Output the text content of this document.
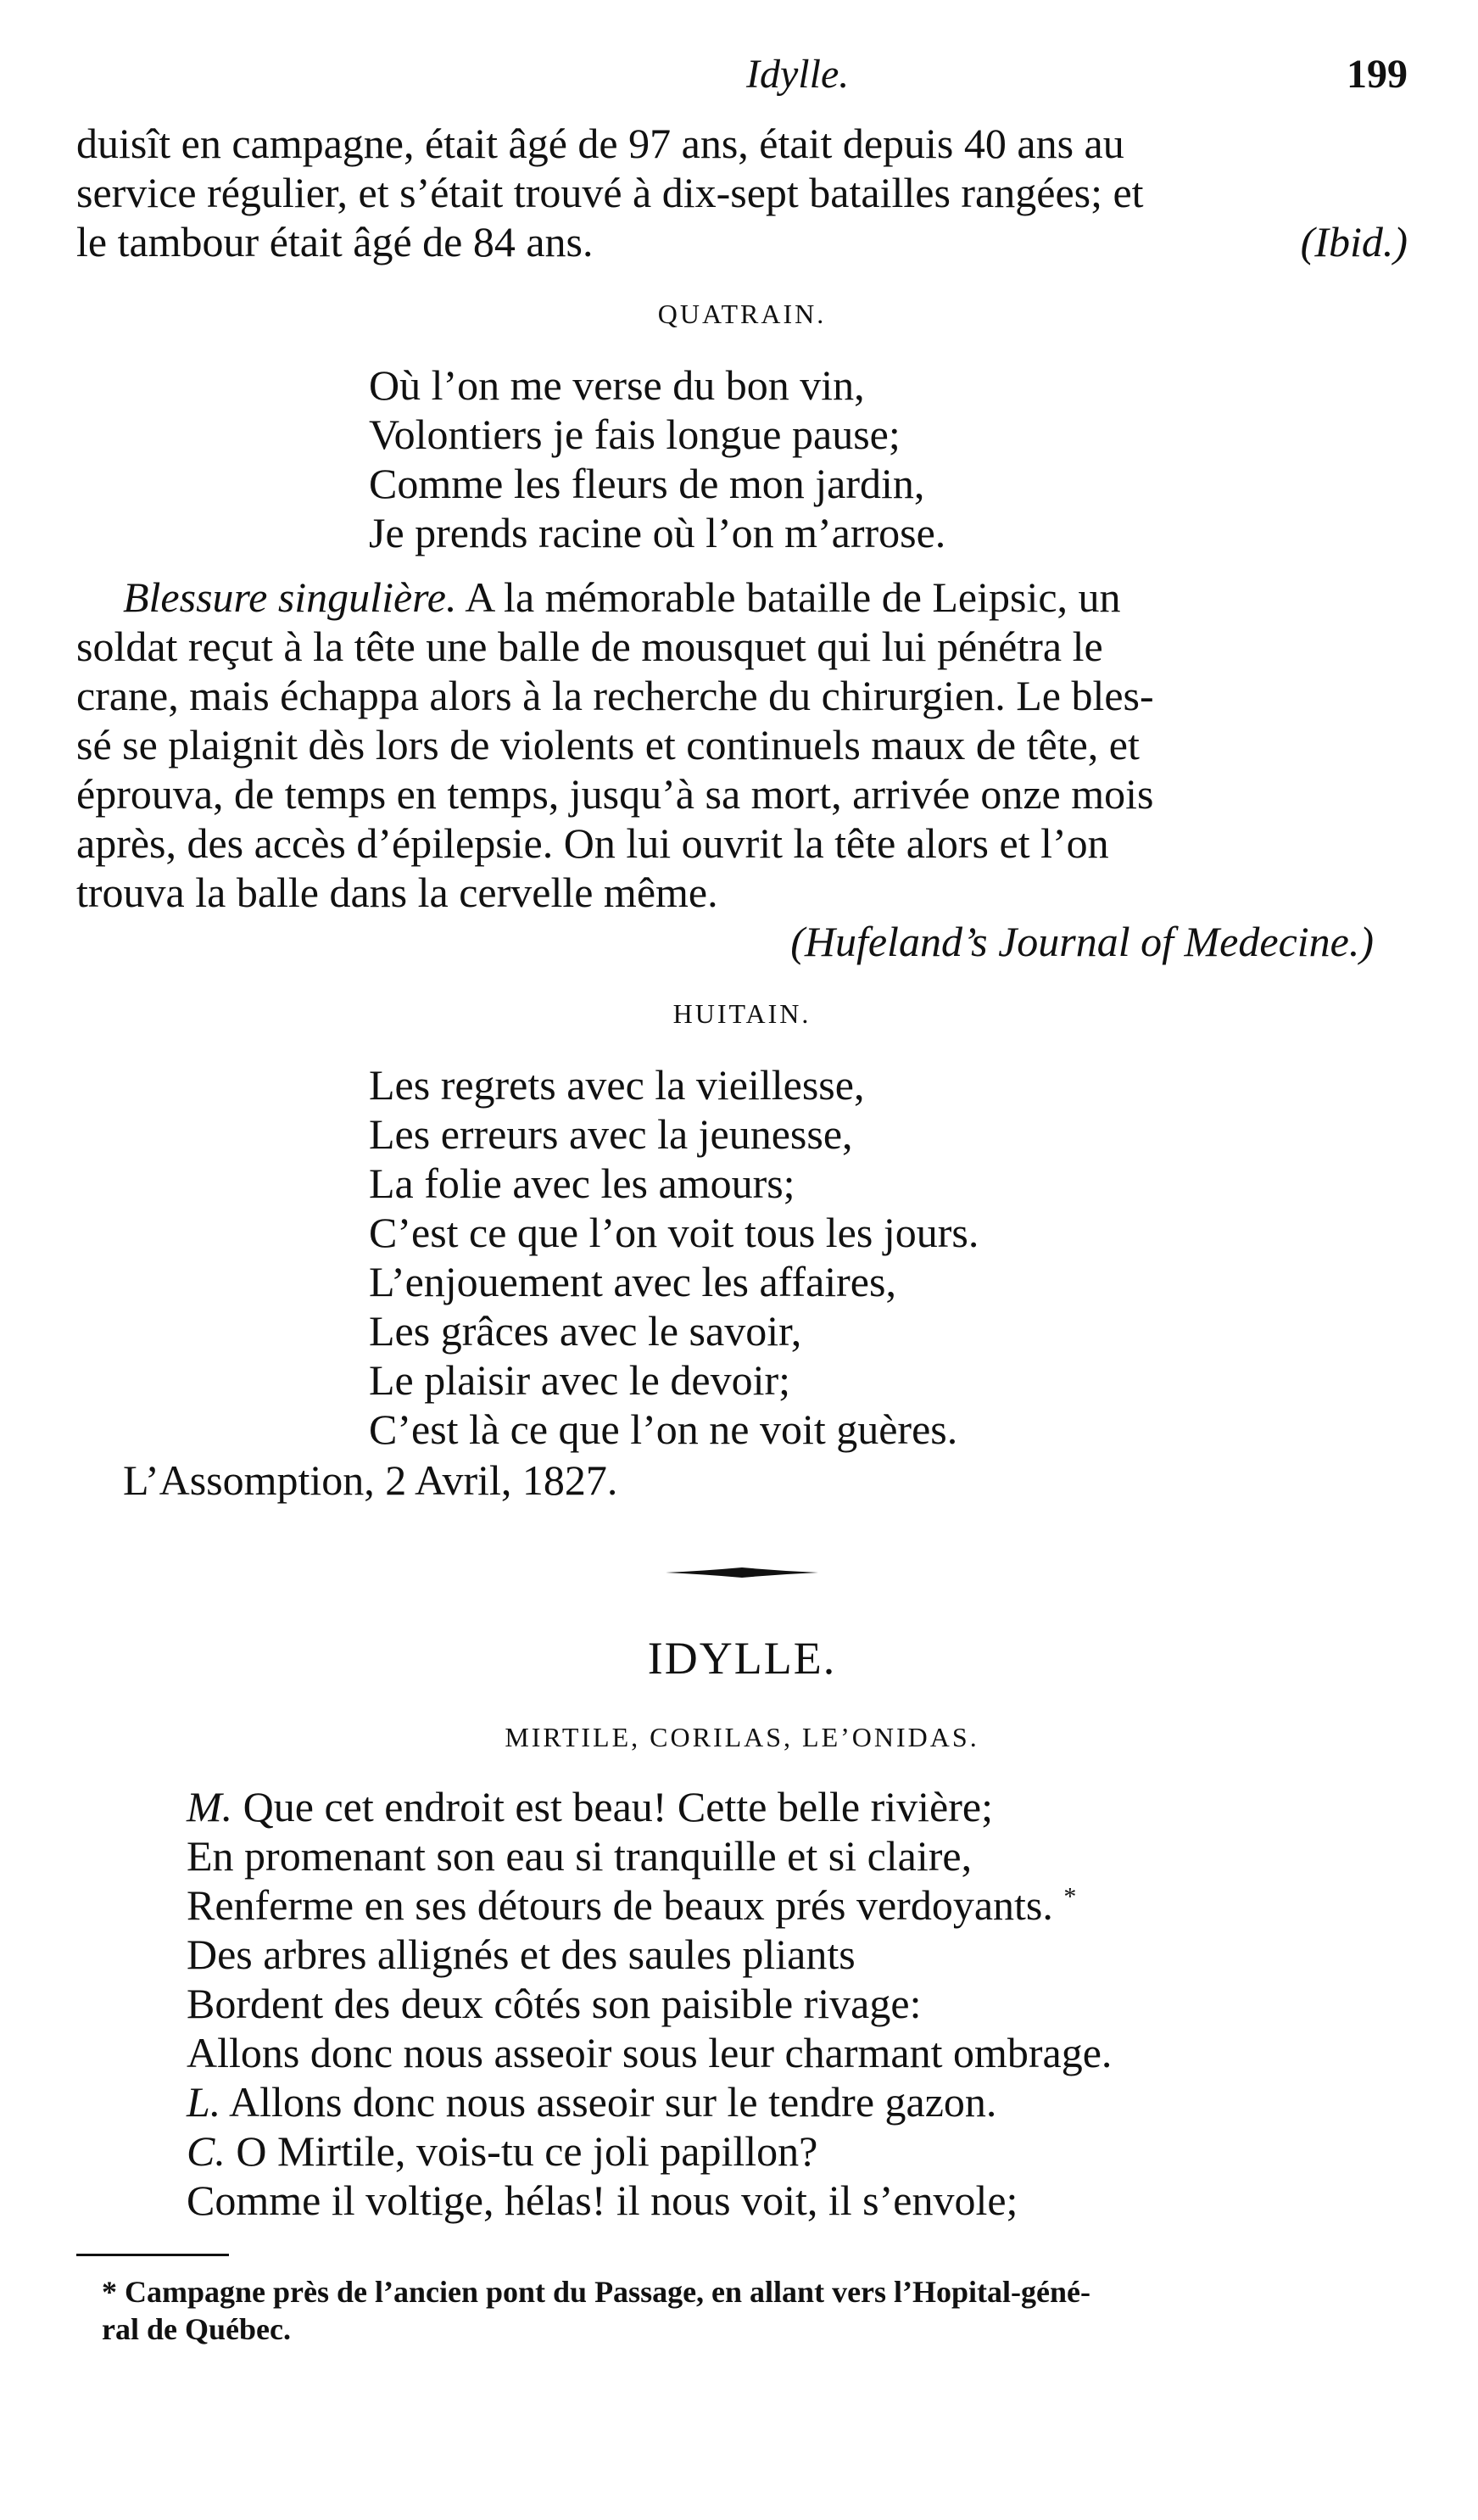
Idylle.	199

duisît en campagne, était âgé de 97 ans, était depuis 40 ans au
service régulier, et s’était trouvé à dix-sept batailles rangées; et
le tambour était âgé de 84 ans.	(Ibid.)

QUATRAIN.
Où l’on me verse du bon vin,
Volontiers je fais longue pause;
Comme les fleurs de mon jardin,
Je prends racine où l’on m’arrose.

Blessure singulière. A la mémorable bataille de Leipsic, un
soldat reçut à la tête une balle de mousquet qui lui pénétra le
crane, mais échappa alors à la recherche du chirurgien. Le bles-
sé se plaignit dès lors de violents et continuels maux de tête, et
éprouva, de temps en temps, jusqu’à sa mort, arrivée onze mois
après, des accès d’épilepsie. On lui ouvrit la tête alors et l’on
trouva la balle dans la cervelle même.

(Hufeland’s Journal of Medecine.)
HUITAIN.
Les regrets avec la vieillesse,
Les erreurs avec la jeunesse,
La folie avec les amours;
C’est ce que l’on voit tous les jours.
L’enjouement avec les affaires,
Les grâces avec le savoir,
Le plaisir avec le devoir;
C’est là ce que l’on ne voit guères.
L’Assomption, 2 Avril, 1827.
IDYLLE.
MIRTILE, CORILAS, LE’ONIDAS.
M. Que cet endroit est beau! Cette belle rivière;
En promenant son eau si tranquille et si claire,
Renferme en ses détours de beaux prés verdoyants. *
Des arbres allignés et des saules pliants
Bordent des deux côtés son paisible rivage:
Allons donc nous asseoir sous leur charmant ombrage.
L. Allons donc nous asseoir sur le tendre gazon.
C. O Mirtile, vois-tu ce joli papillon?
Comme il voltige, hélas! il nous voit, il s’envole;
* Campagne près de l’ancien pont du Passage, en allant vers l’Hopital-géné-
ral de Québec.
